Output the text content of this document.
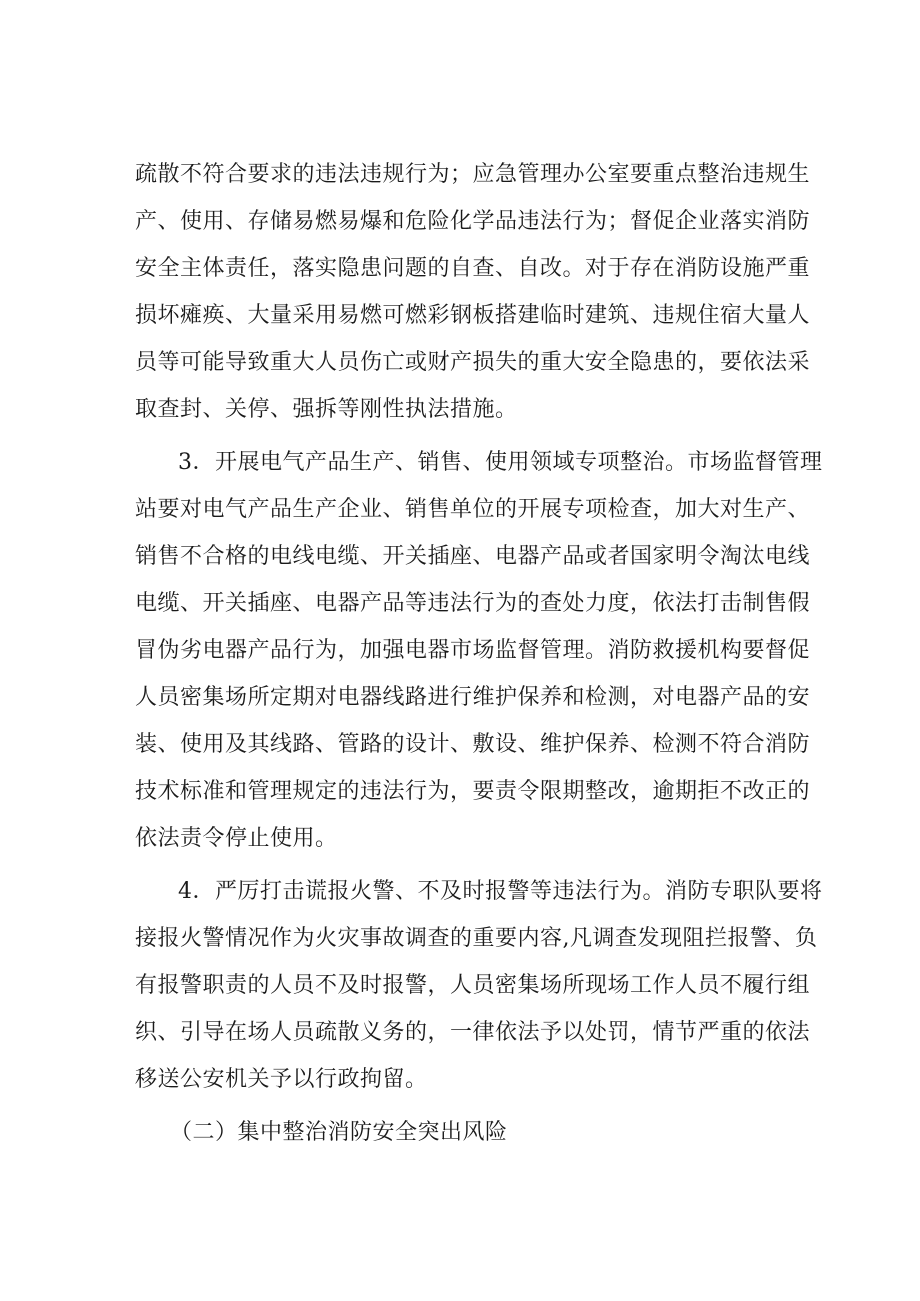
疏散不符合要求的违法违规行为；应急管理办公室要重点整治违规生
产、使用、存储易燃易爆和危险化学品违法行为；督促企业落实消防
安全主体责任，落实隐患问题的自查、自改。对于存在消防设施严重
损坏瘫痪、大量采用易燃可燃彩钢板搭建临时建筑、违规住宿大量人
员等可能导致重大人员伤亡或财产损失的重大安全隐患的，要依法采
取查封、关停、强拆等刚性执法措施。
3．开展电气产品生产、销售、使用领域专项整治。市场监督管理
站要对电气产品生产企业、销售单位的开展专项检查，加大对生产、
销售不合格的电线电缆、开关插座、电器产品或者国家明令淘汰电线
电缆、开关插座、电器产品等违法行为的查处力度，依法打击制售假
冒伪劣电器产品行为，加强电器市场监督管理。消防救援机构要督促
人员密集场所定期对电器线路进行维护保养和检测，对电器产品的安
装、使用及其线路、管路的设计、敷设、维护保养、检测不符合消防
技术标准和管理规定的违法行为，要责令限期整改，逾期拒不改正的
依法责令停止使用。
4．严厉打击谎报火警、不及时报警等违法行为。消防专职队要将
接报火警情况作为火灾事故调查的重要内容,凡调查发现阻拦报警、负
有报警职责的人员不及时报警，人员密集场所现场工作人员不履行组
织、引导在场人员疏散义务的，一律依法予以处罚，情节严重的依法
移送公安机关予以行政拘留。
（二）集中整治消防安全突出风险
